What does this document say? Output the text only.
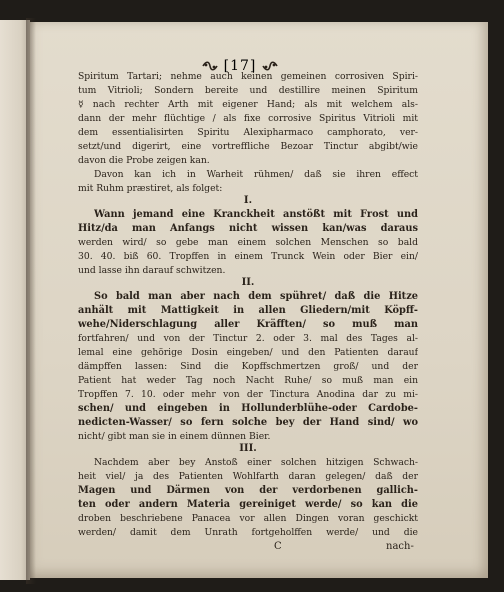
[17]
Spiritum Tartari; nehme auch keinen gemeinen corrosiven Spiri-
tum Vitrioli; Sondern bereite und destillire meinen Spiritum
☿ nach rechter Arth mit eigener Hand; als mit welchem als-
dann der mehr flüchtige / als fixe corrosive Spiritus Vitrioli mit
dem essentialisirten Spiritu Alexipharmaco camphorato, ver-
setzt/und digerirt, eine vortreffliche Bezoar Tinctur abgibt/wie
davon die Probe zeigen kan.
Davon kan ich in Warheit rühmen/ daß sie ihren effect
mit Ruhm præstiret, als folget:
I.
Wann jemand eine Kranckheit anstößt mit Frost und
Hitz/da man Anfangs nicht wissen kan/was daraus
werden wird/ so gebe man einem solchen Menschen so bald
30. 40. biß 60. Tropffen in einem Trunck Wein oder Bier ein/
und lasse ihn darauf schwitzen.
II.
So bald man aber nach dem spühret/ daß die Hitze
anhält mit Mattigkeit in allen Gliedern/mit Köpff-
wehe/Niderschlagung aller Kräfften/ so muß man
fortfahren/ und von der Tinctur 2. oder 3. mal des Tages al-
lemal eine gehörige Dosin eingeben/ und den Patienten darauf
dämpffen lassen: Sind die Kopffschmertzen groß/ und der
Patient hat weder Tag noch Nacht Ruhe/ so muß man ein
Tropffen 7. 10. oder mehr von der Tinctura Anodina dar zu mi-
schen/ und eingeben in Hollunderblühe-oder Cardobe-
nedicten-Wasser/ so fern solche bey der Hand sind/ wo
nicht/ gibt man sie in einem dünnen Bier.
III.
Nachdem aber bey Anstoß einer solchen hitzigen Schwach-
heit viel/ ja des Patienten Wohlfarth daran gelegen/ daß der
Magen und Därmen von der verdorbenen gallich-
ten oder andern Materia gereiniget werde/ so kan die
droben beschriebene Panacea vor allen Dingen voran geschickt
werden/ damit dem Unrath fortgeholffen werde/ und die
C	nach-
